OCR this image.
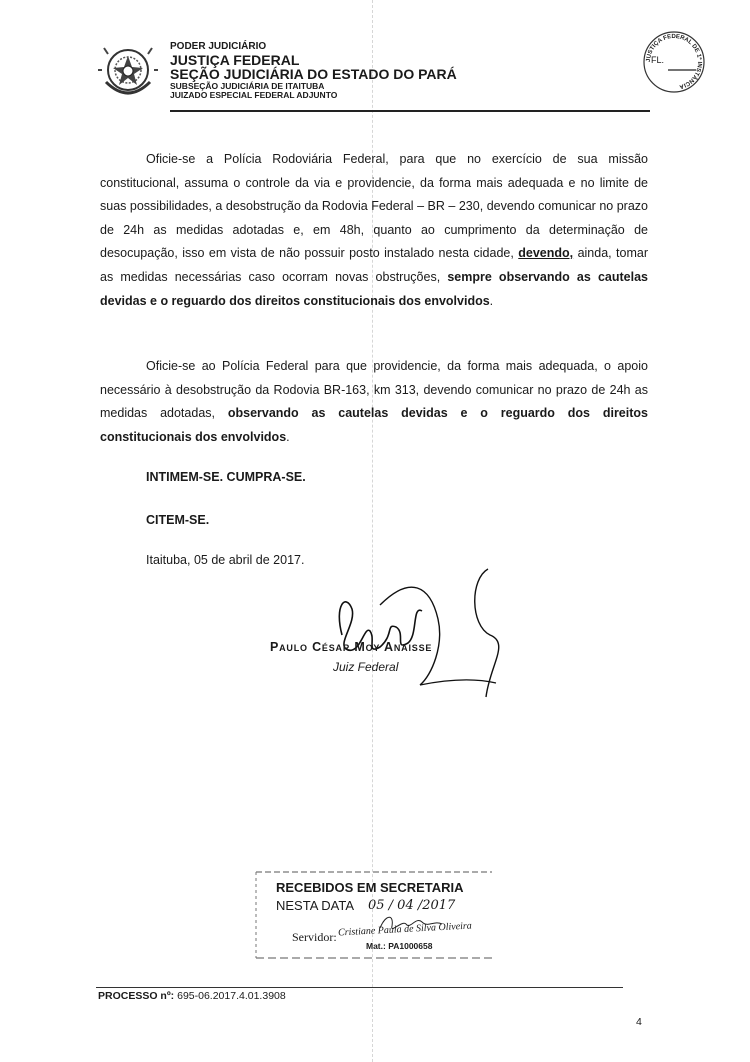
PODER JUDICIÁRIO
JUSTIÇA FEDERAL
SEÇÃO JUDICIÁRIA DO ESTADO DO PARÁ
SUBSEÇÃO JUDICIÁRIA DE ITAITUBA
JUIZADO ESPECIAL FEDERAL ADJUNTO
JUSTIÇA FEDERAL DE 1ª INSTÂNCIA
FL.
Oficie-se a Polícia Rodoviária Federal, para que no exercício de sua missão constitucional, assuma o controle da via e providencie, da forma mais adequada e no limite de suas possibilidades, a desobstrução da Rodovia Federal – BR – 230, devendo comunicar no prazo de 24h as medidas adotadas e, em 48h, quanto ao cumprimento da determinação de desocupação, isso em vista de não possuir posto instalado nesta cidade, devendo, ainda, tomar as medidas necessárias caso ocorram novas obstruções, sempre observando as cautelas devidas e o reguardo dos direitos constitucionais dos envolvidos.
Oficie-se ao Polícia Federal para que providencie, da forma mais adequada, o apoio necessário à desobstrução da Rodovia BR-163, km 313, devendo comunicar no prazo de 24h as medidas adotadas, observando as cautelas devidas e o reguardo dos direitos constitucionais dos envolvidos.
INTIMEM-SE. CUMPRA-SE.
CITEM-SE.
Itaituba, 05 de abril de 2017.
Paulo César Moy Anaisse
Juiz Federal
RECEBIDOS EM SECRETARIA
NESTA DATA 05 / 04 /2017
Servidor: Cristiane Paula de Silva Oliveira
Mat.: PA1000658
PROCESSO nº: 695-06.2017.4.01.3908
4
